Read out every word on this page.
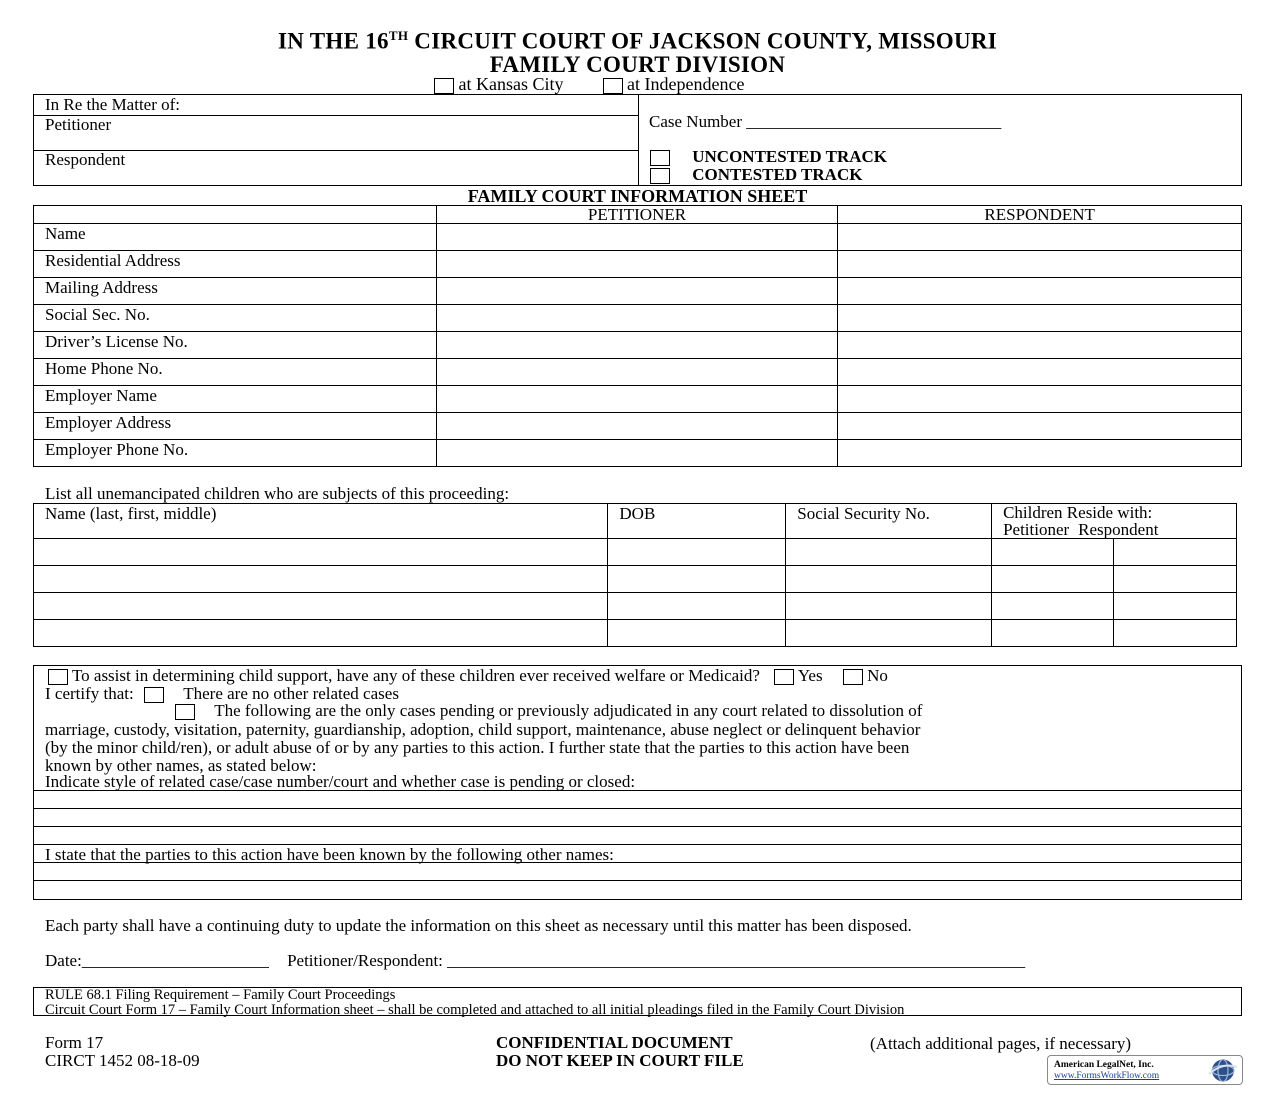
IN THE 16TH CIRCUIT COURT OF JACKSON COUNTY, MISSOURI
FAMILY COURT DIVISION
at Kansas City	at Independence
In Re the Matter of:
Petitioner
Respondent
Case Number ______________________________
UNCONTESTED TRACK
CONTESTED TRACK
FAMILY COURT INFORMATION SHEET
	PETITIONER	RESPONDENT
Name		
Residential Address		
Mailing Address		
Social Sec. No.		
Driver’s License No.		
Home Phone No.		
Employer Name		
Employer Address		
Employer Phone No.		
List all unemancipated children who are subjects of this proceeding:
Name (last, first, middle)	DOB	Social Security No.	Children Reside with:
Petitioner Respondent	

To assist in determining child support, have any of these children ever received welfare or Medicaid? Yes	No
I certify that:	There are no other related cases
The following are the only cases pending or previously adjudicated in any court related to dissolution of
marriage, custody, visitation, paternity, guardianship, adoption, child support, maintenance, abuse neglect or delinquent behavior
(by the minor child/ren), or adult abuse of or by any parties to this action. I further state that the parties to this action have been
known by other names, as stated below:
Indicate style of related case/case number/court and whether case is pending or closed:
I state that the parties to this action have been known by the following other names:
Each party shall have a continuing duty to update the information on this sheet as necessary until this matter has been disposed.
Date:______________________ Petitioner/Respondent: ____________________________________________________________________
RULE 68.1 Filing Requirement – Family Court Proceedings
Circuit Court Form 17 – Family Court Information sheet – shall be completed and attached to all initial pleadings filed in the Family Court Division
Form 17
CIRCT 1452 08-18-09
CONFIDENTIAL DOCUMENT
DO NOT KEEP IN COURT FILE
(Attach additional pages, if necessary)
American LegalNet, Inc.
www.FormsWorkFlow.com
